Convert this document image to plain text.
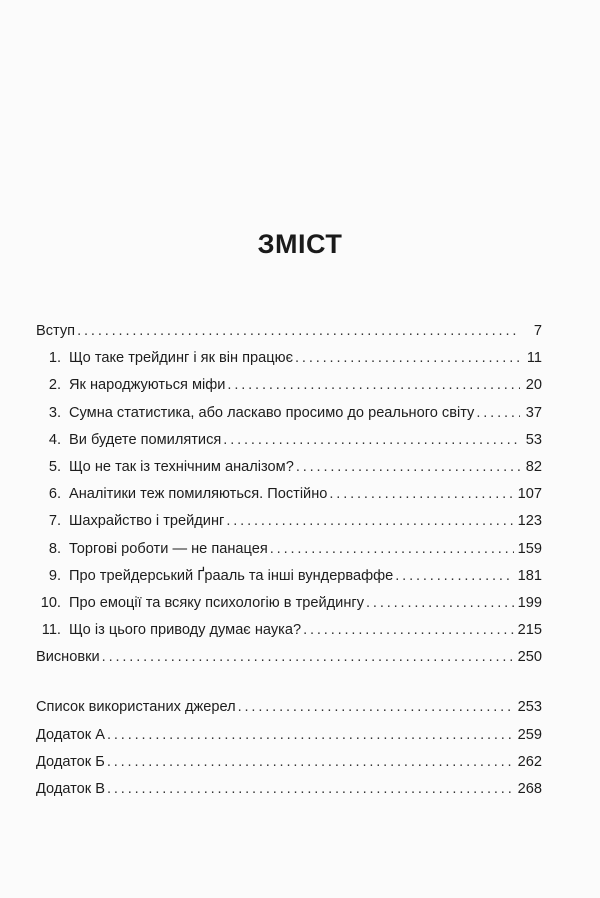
ЗМІСТ
Вступ . . .	7
1. Що таке трейдинг і як він працює . . .	11
2. Як народжуються міфи . . .	20
3. Сумна статистика, або ласкаво просимо до реального світу . . .	37
4. Ви будете помилятися . . .	53
5. Що не так із технічним аналізом? . . .	82
6. Аналітики теж помиляються. Постійно . . .	107
7. Шахрайство і трейдинг . . .	123
8. Торгові роботи — не панацея . . .	159
9. Про трейдерський Ґрааль та інші вундерваффе . . .	181
10. Про емоції та всяку психологію в трейдингу . . .	199
11. Що із цього приводу думає наука? . . .	215
Висновки . . .	250
Список використаних джерел . . .	253
Додаток А . . .	259
Додаток Б . . .	262
Додаток В . . .	268
